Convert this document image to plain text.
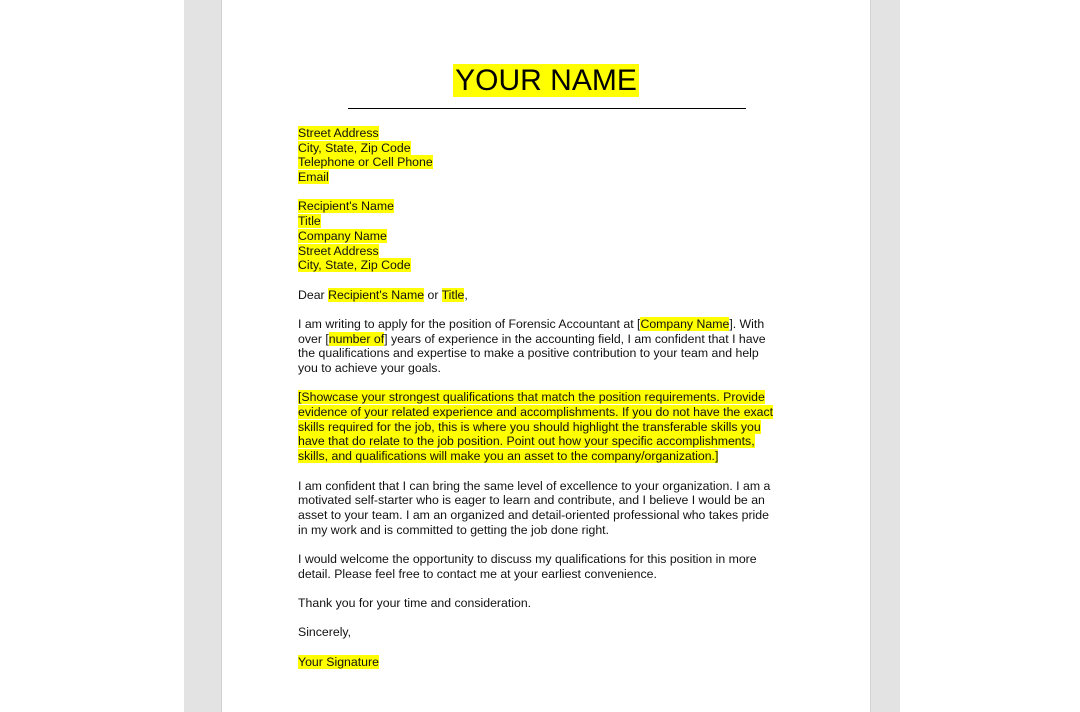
YOUR NAME
Street Address
City, State, Zip Code
Telephone or Cell Phone
Email
Recipient's Name
Title
Company Name
Street Address
City, State, Zip Code
Dear Recipient's Name or Title,
I am writing to apply for the position of Forensic Accountant at [Company Name]. With
over [number of] years of experience in the accounting field, I am confident that I have
the qualifications and expertise to make a positive contribution to your team and help
you to achieve your goals.
[Showcase your strongest qualifications that match the position requirements. Provide
evidence of your related experience and accomplishments. If you do not have the exact
skills required for the job, this is where you should highlight the transferable skills you
have that do relate to the job position. Point out how your specific accomplishments,
skills, and qualifications will make you an asset to the company/organization.]
I am confident that I can bring the same level of excellence to your organization. I am a
motivated self-starter who is eager to learn and contribute, and I believe I would be an
asset to your team. I am an organized and detail-oriented professional who takes pride
in my work and is committed to getting the job done right.
I would welcome the opportunity to discuss my qualifications for this position in more
detail. Please feel free to contact me at your earliest convenience.
Thank you for your time and consideration.
Sincerely,
Your Signature
